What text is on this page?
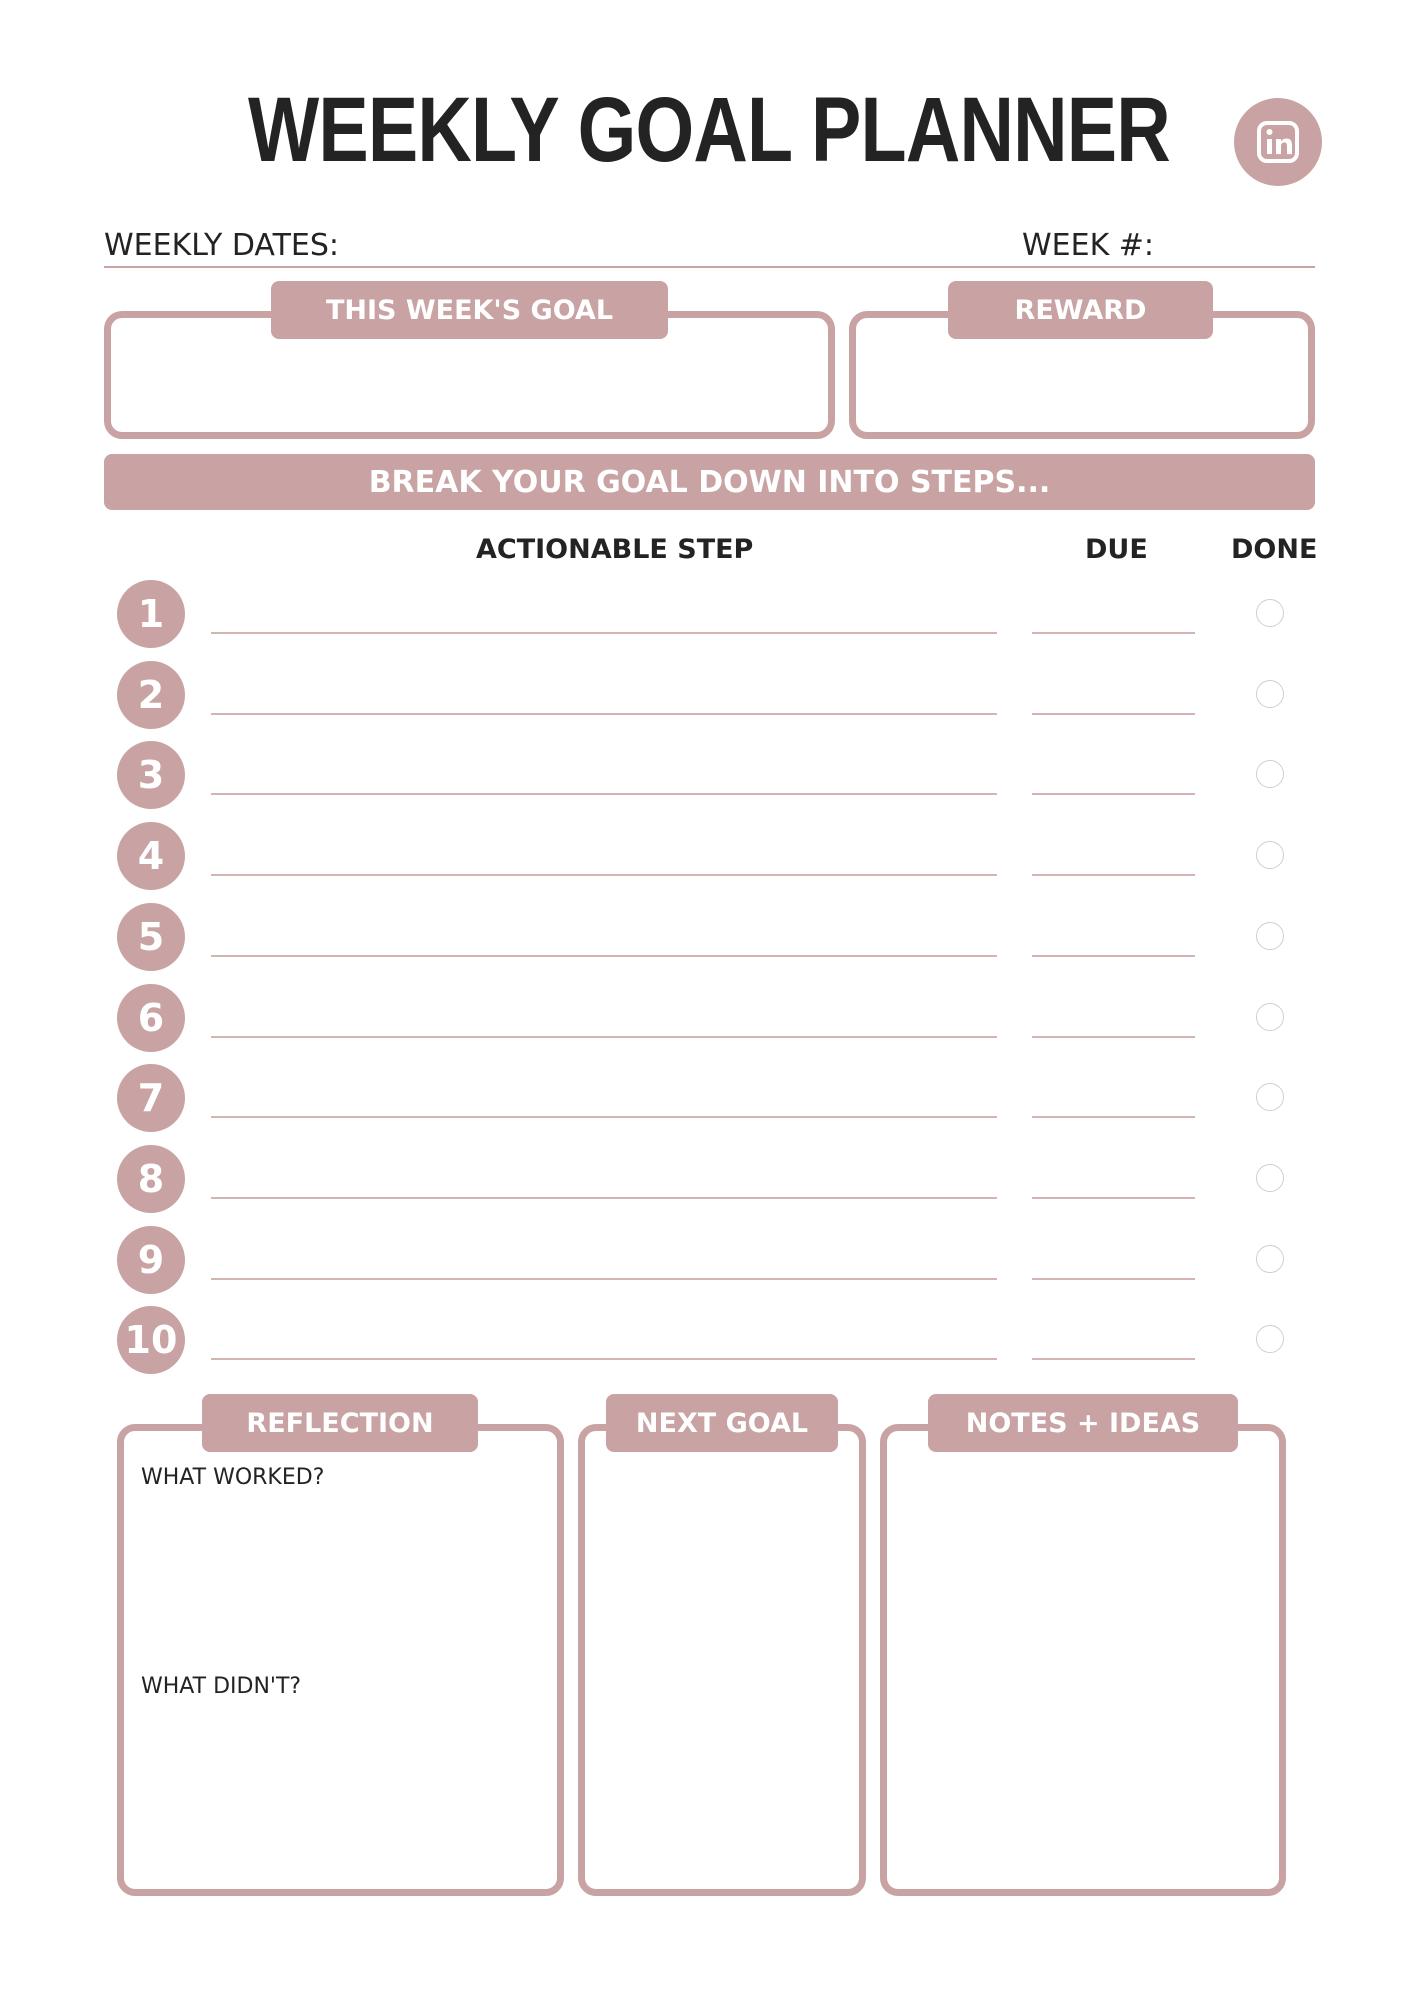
WEEKLY GOAL PLANNER
WEEKLY DATES:	WEEK #:
THIS WEEK'S GOAL	REWARD
BREAK YOUR GOAL DOWN INTO STEPS...
ACTIONABLE STEP	DUE	DONE
1
2
3
4
5
6
7
8
9
10
REFLECTION
WHAT WORKED?
WHAT DIDN'T?
NEXT GOAL	NOTES + IDEAS
